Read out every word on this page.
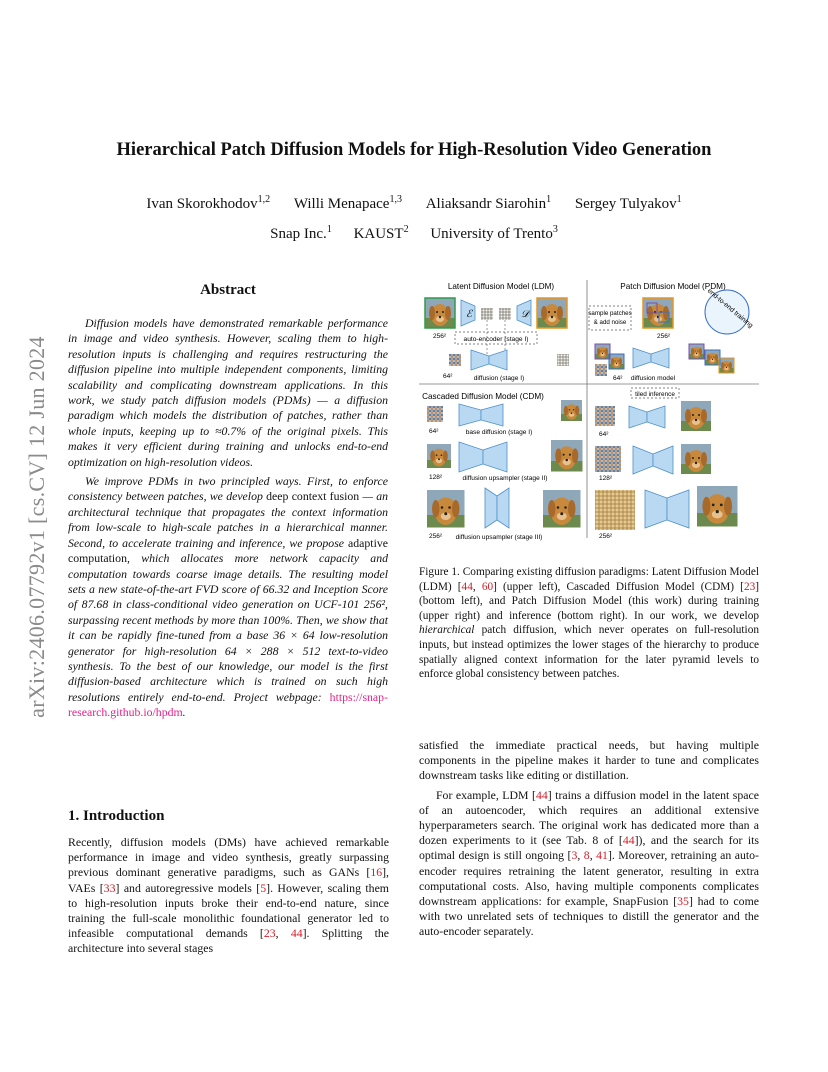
arXiv:2406.07792v1 [cs.CV] 12 Jun 2024
Hierarchical Patch Diffusion Models for High-Resolution Video Generation
Ivan Skorokhodov$^{1,2}$ Willi Menapace$^{1,3}$ Aliaksandr Siarohin$^1$ Sergey Tulyakov$^1$
Snap Inc.$^1$ KAUST$^2$ University of Trento$^3$
Abstract

Diffusion models have demonstrated remarkable performance in image and video synthesis. However, scaling them to high-resolution inputs is challenging and requires restructuring the diffusion pipeline into multiple independent components, limiting scalability and complicating downstream applications. In this work, we study patch diffusion models (PDMs) — a diffusion paradigm which models the distribution of patches, rather than whole inputs, keeping up to ≈0.7% of the original pixels. This makes it very efficient during training and unlocks end-to-end optimization on high-resolution videos.

We improve PDMs in two principled ways. First, to enforce consistency between patches, we develop deep context fusion — an architectural technique that propagates the context information from low-scale to high-scale patches in a hierarchical manner. Second, to accelerate training and inference, we propose adaptive computation, which allocates more network capacity and computation towards coarse image details. The resulting model sets a new state-of-the-art FVD score of 66.32 and Inception Score of 87.68 in class-conditional video generation on UCF-101 256², surpassing recent methods by more than 100%. Then, we show that it can be rapidly fine-tuned from a base 36 × 64 low-resolution generator for high-resolution 64 × 288 × 512 text-to-video synthesis. To the best of our knowledge, our model is the first diffusion-based architecture which is trained on such high resolutions entirely end-to-end. Project webpage: https://snap-research.github.io/hpdm.

1. Introduction

Recently, diffusion models (DMs) have achieved remarkable performance in image and video synthesis, greatly surpassing previous dominant generative paradigms, such as GANs [16], VAEs [33] and autoregressive models [5]. However, scaling them to high-resolution inputs broke their end-to-end nature, since training the full-scale monolithic foundational generator led to infeasible computational demands [23, 44]. Splitting the architecture into several stages

Latent Diffusion Model (LDM)	Patch Diffusion Model (PDM)
Cascaded Diffusion Model (CDM)
ℰ	𝒟
auto-encoder (stage I)
256²
64²	diffusion (stage I)
sample patches
& add noise
256²
end-to-end training
64² diffusion model
tiled inference
64²
128²
256²
64²	base diffusion (stage I)
128²	diffusion upsampler (stage II)
256² diffusion upsampler (stage III)
Figure 1. Comparing existing diffusion paradigms: Latent Diffusion Model (LDM) [44, 60] (upper left), Cascaded Diffusion Model (CDM) [23] (bottom left), and Patch Diffusion Model (this work) during training (upper right) and inference (bottom right). In our work, we develop hierarchical patch diffusion, which never operates on full-resolution inputs, but instead optimizes the lower stages of the hierarchy to produce spatially aligned context information for the later pyramid levels to enforce global consistency between patches.

satisfied the immediate practical needs, but having multiple components in the pipeline makes it harder to tune and complicates downstream tasks like editing or distillation.

For example, LDM [44] trains a diffusion model in the latent space of an autoencoder, which requires an additional extensive hyperparameters search. The original work has dedicated more than a dozen experiments to it (see Tab. 8 of [44]), and the search for its optimal design is still ongoing [3, 8, 41]. Moreover, retraining an auto-encoder requires retraining the latent generator, resulting in extra computational costs. Also, having multiple components complicates downstream applications: for example, SnapFusion [35] had to come with two unrelated sets of techniques to distill the generator and the auto-encoder separately.
